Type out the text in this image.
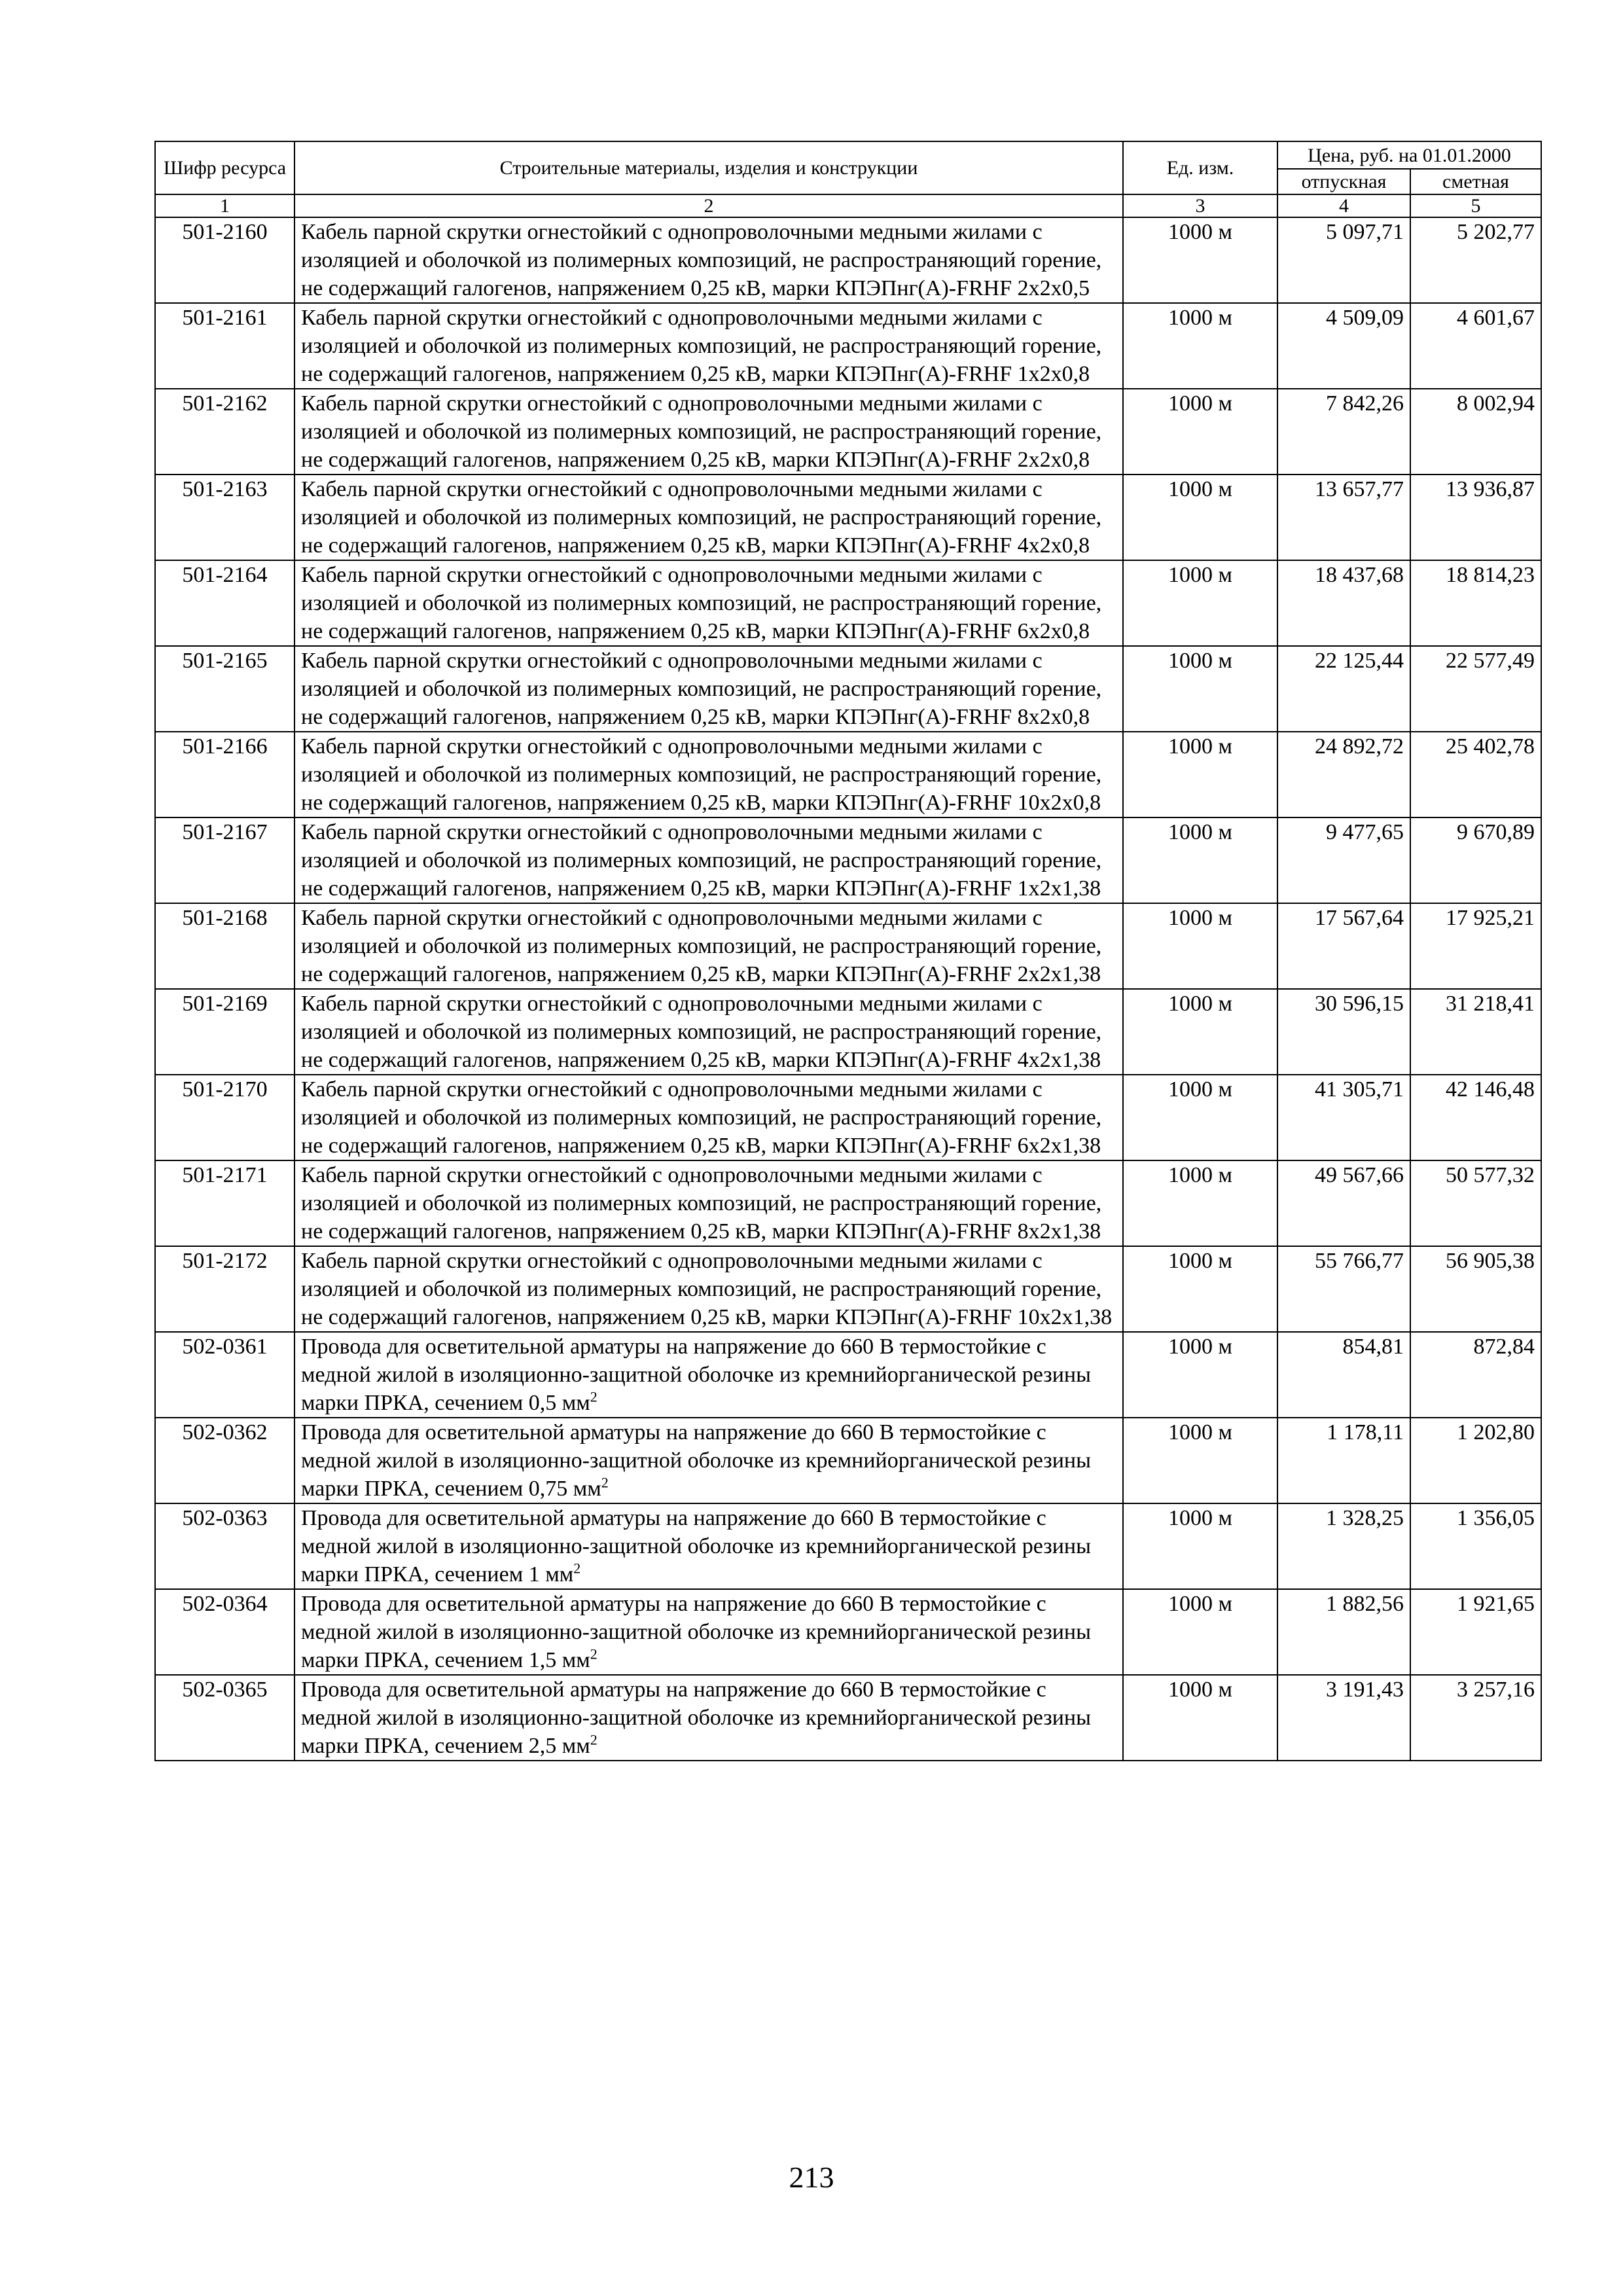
Шифр ресурса	Строительные материалы, изделия и конструкции	Ед. изм.	Цена, руб. на 01.01.2000	
			отпускная	сметная
1	2	3	4	5
501-2160	Кабель парной скрутки огнестойкий с однопроволочными медными жилами с изоляцией и оболочкой из полимерных композиций, не распространяющий горение, не содержащий галогенов, напряжением 0,25 кВ, марки КПЭПнг(А)-FRHF 2х2х0,5	1000 м	5 097,71	5 202,77
501-2161	Кабель парной скрутки огнестойкий с однопроволочными медными жилами с изоляцией и оболочкой из полимерных композиций, не распространяющий горение, не содержащий галогенов, напряжением 0,25 кВ, марки КПЭПнг(А)-FRHF 1х2х0,8	1000 м	4 509,09	4 601,67
501-2162	Кабель парной скрутки огнестойкий с однопроволочными медными жилами с изоляцией и оболочкой из полимерных композиций, не распространяющий горение, не содержащий галогенов, напряжением 0,25 кВ, марки КПЭПнг(А)-FRHF 2х2х0,8	1000 м	7 842,26	8 002,94
501-2163	Кабель парной скрутки огнестойкий с однопроволочными медными жилами с изоляцией и оболочкой из полимерных композиций, не распространяющий горение, не содержащий галогенов, напряжением 0,25 кВ, марки КПЭПнг(А)-FRHF 4х2х0,8	1000 м	13 657,77	13 936,87
501-2164	Кабель парной скрутки огнестойкий с однопроволочными медными жилами с изоляцией и оболочкой из полимерных композиций, не распространяющий горение, не содержащий галогенов, напряжением 0,25 кВ, марки КПЭПнг(А)-FRHF 6х2х0,8	1000 м	18 437,68	18 814,23
501-2165	Кабель парной скрутки огнестойкий с однопроволочными медными жилами с изоляцией и оболочкой из полимерных композиций, не распространяющий горение, не содержащий галогенов, напряжением 0,25 кВ, марки КПЭПнг(А)-FRHF 8х2х0,8	1000 м	22 125,44	22 577,49
501-2166	Кабель парной скрутки огнестойкий с однопроволочными медными жилами с изоляцией и оболочкой из полимерных композиций, не распространяющий горение, не содержащий галогенов, напряжением 0,25 кВ, марки КПЭПнг(А)-FRHF 10х2х0,8	1000 м	24 892,72	25 402,78
501-2167	Кабель парной скрутки огнестойкий с однопроволочными медными жилами с изоляцией и оболочкой из полимерных композиций, не распространяющий горение, не содержащий галогенов, напряжением 0,25 кВ, марки КПЭПнг(А)-FRHF 1х2х1,38	1000 м	9 477,65	9 670,89
501-2168	Кабель парной скрутки огнестойкий с однопроволочными медными жилами с изоляцией и оболочкой из полимерных композиций, не распространяющий горение, не содержащий галогенов, напряжением 0,25 кВ, марки КПЭПнг(А)-FRHF 2х2х1,38	1000 м	17 567,64	17 925,21
501-2169	Кабель парной скрутки огнестойкий с однопроволочными медными жилами с изоляцией и оболочкой из полимерных композиций, не распространяющий горение, не содержащий галогенов, напряжением 0,25 кВ, марки КПЭПнг(А)-FRHF 4х2х1,38	1000 м	30 596,15	31 218,41
501-2170	Кабель парной скрутки огнестойкий с однопроволочными медными жилами с изоляцией и оболочкой из полимерных композиций, не распространяющий горение, не содержащий галогенов, напряжением 0,25 кВ, марки КПЭПнг(А)-FRHF 6х2х1,38	1000 м	41 305,71	42 146,48
501-2171	Кабель парной скрутки огнестойкий с однопроволочными медными жилами с изоляцией и оболочкой из полимерных композиций, не распространяющий горение, не содержащий галогенов, напряжением 0,25 кВ, марки КПЭПнг(А)-FRHF 8х2х1,38	1000 м	49 567,66	50 577,32
501-2172	Кабель парной скрутки огнестойкий с однопроволочными медными жилами с изоляцией и оболочкой из полимерных композиций, не распространяющий горение, не содержащий галогенов, напряжением 0,25 кВ, марки КПЭПнг(А)-FRHF 10х2х1,38	1000 м	55 766,77	56 905,38
502-0361	Провода для осветительной арматуры на напряжение до 660 В термостойкие с медной жилой в изоляционно-защитной оболочке из кремнийорганической резины марки ПРКА, сечением 0,5 $мм^2$	1000 м	854,81	872,84
502-0362	Провода для осветительной арматуры на напряжение до 660 В термостойкие с медной жилой в изоляционно-защитной оболочке из кремнийорганической резины марки ПРКА, сечением 0,75 $мм^2$	1000 м	1 178,11	1 202,80
502-0363	Провода для осветительной арматуры на напряжение до 660 В термостойкие с медной жилой в изоляционно-защитной оболочке из кремнийорганической резины марки ПРКА, сечением 1 $мм^2$	1000 м	1 328,25	1 356,05
502-0364	Провода для осветительной арматуры на напряжение до 660 В термостойкие с медной жилой в изоляционно-защитной оболочке из кремнийорганической резины марки ПРКА, сечением 1,5 $мм^2$	1000 м	1 882,56	1 921,65
502-0365	Провода для осветительной арматуры на напряжение до 660 В термостойкие с медной жилой в изоляционно-защитной оболочке из кремнийорганической резины марки ПРКА, сечением 2,5 $мм^2$	1000 м	3 191,43	3 257,16
213
